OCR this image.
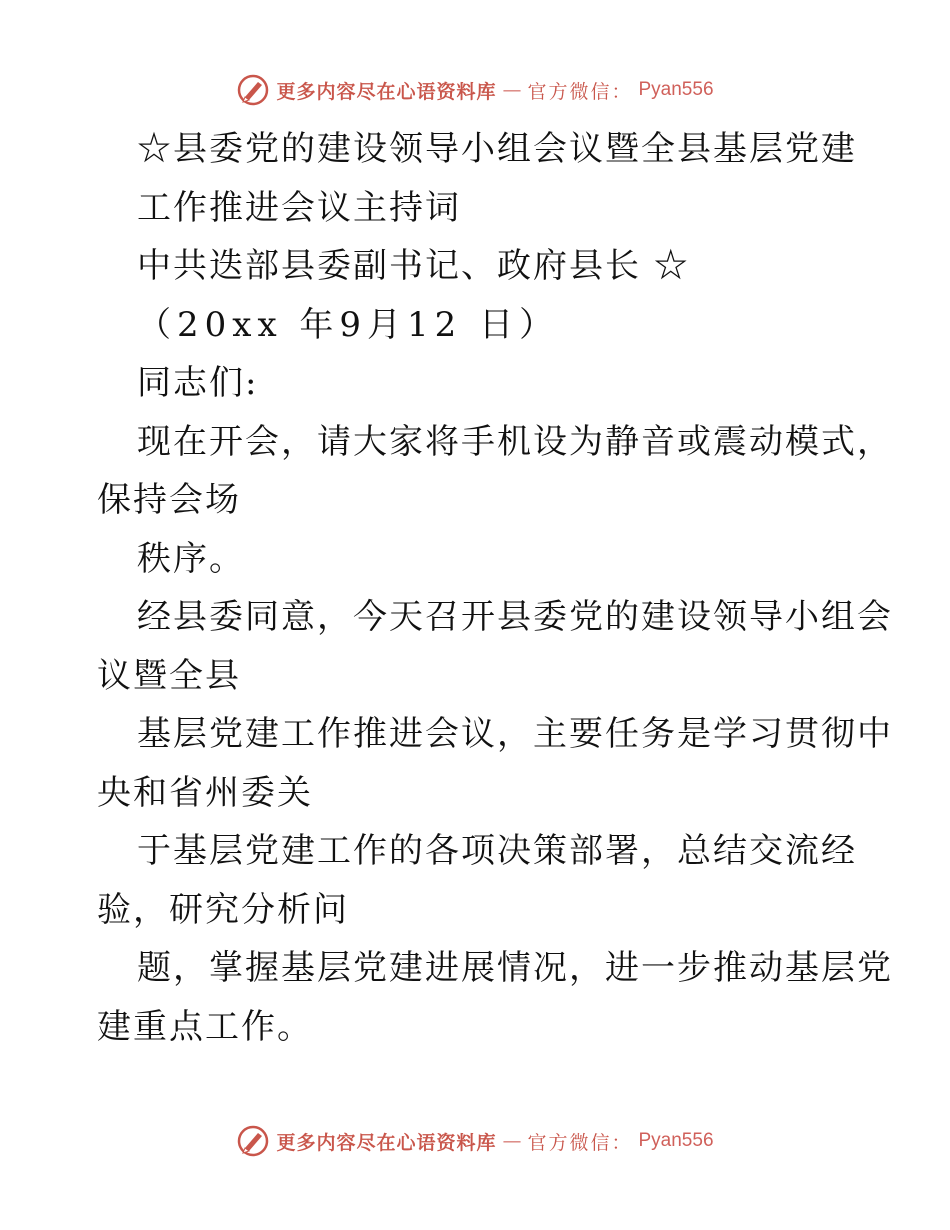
更多内容尽在心语资料库 — 官方微信： Pyan556
☆县委党的建设领导小组会议暨全县基层党建
工作推进会议主持词
中共迭部县委副书记、政府县长 ☆
（20xx 年9月12 日）
同志们:
现在开会，请大家将手机设为静音或震动模式，
保持会场
秩序。
经县委同意，今天召开县委党的建设领导小组会
议暨全县
基层党建工作推进会议，主要任务是学习贯彻中
央和省州委关
于基层党建工作的各项决策部署，总结交流经
验，研究分析问
题，掌握基层党建进展情况，进一步推动基层党
建重点工作。
更多内容尽在心语资料库 — 官方微信： Pyan556
